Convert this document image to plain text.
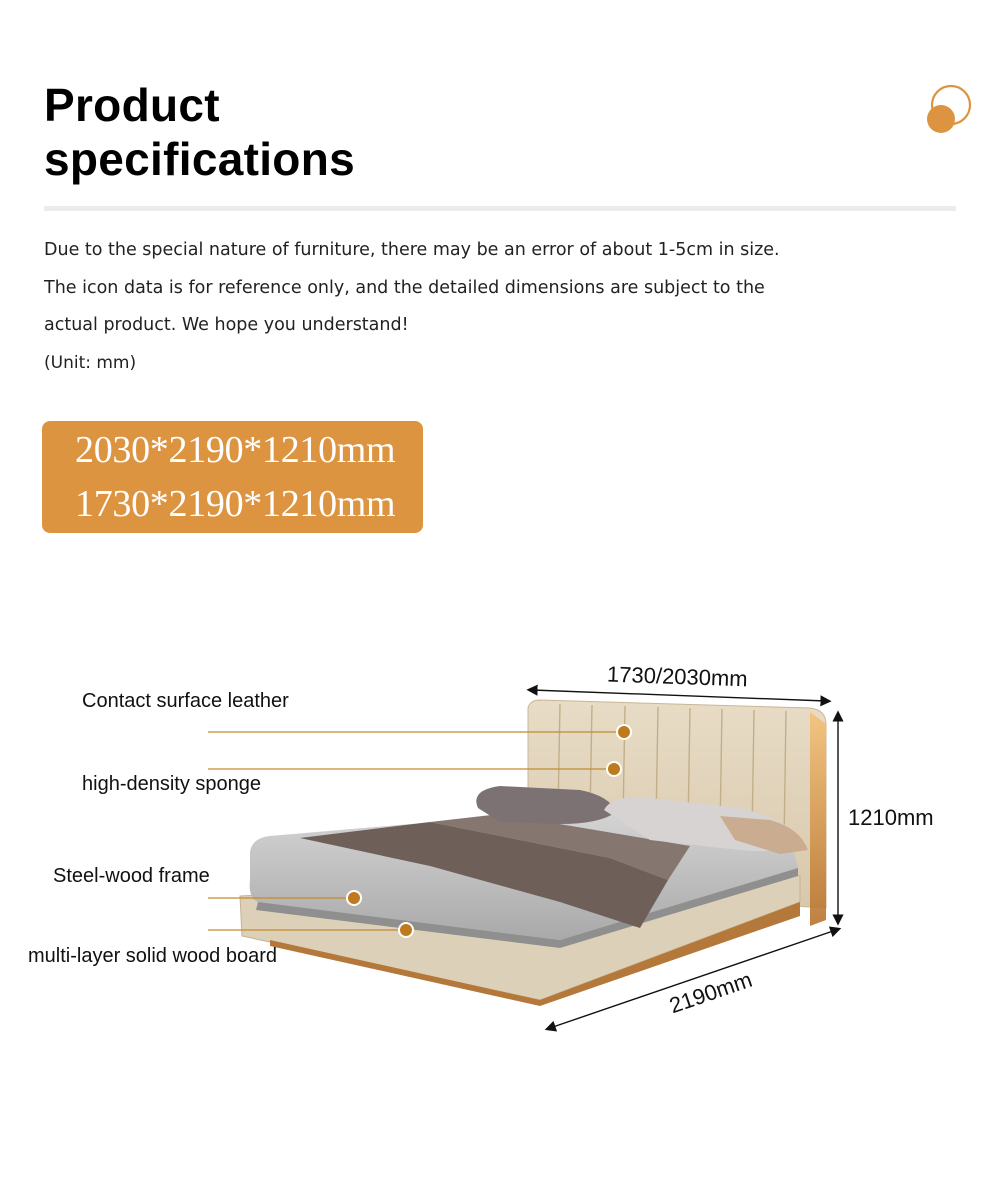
Product
specifications
Due to the special nature of furniture, there may be an error of about 1-5cm in size.
The icon data is for reference only, and the detailed dimensions are subject to the
actual product. We hope you understand!
(Unit: mm)
2030*2190*1210mm
1730*2190*1210mm
Contact surface leather
high-density sponge
Steel-wood frame
multi-layer solid wood board
1730/2030mm
1210mm
2190mm
